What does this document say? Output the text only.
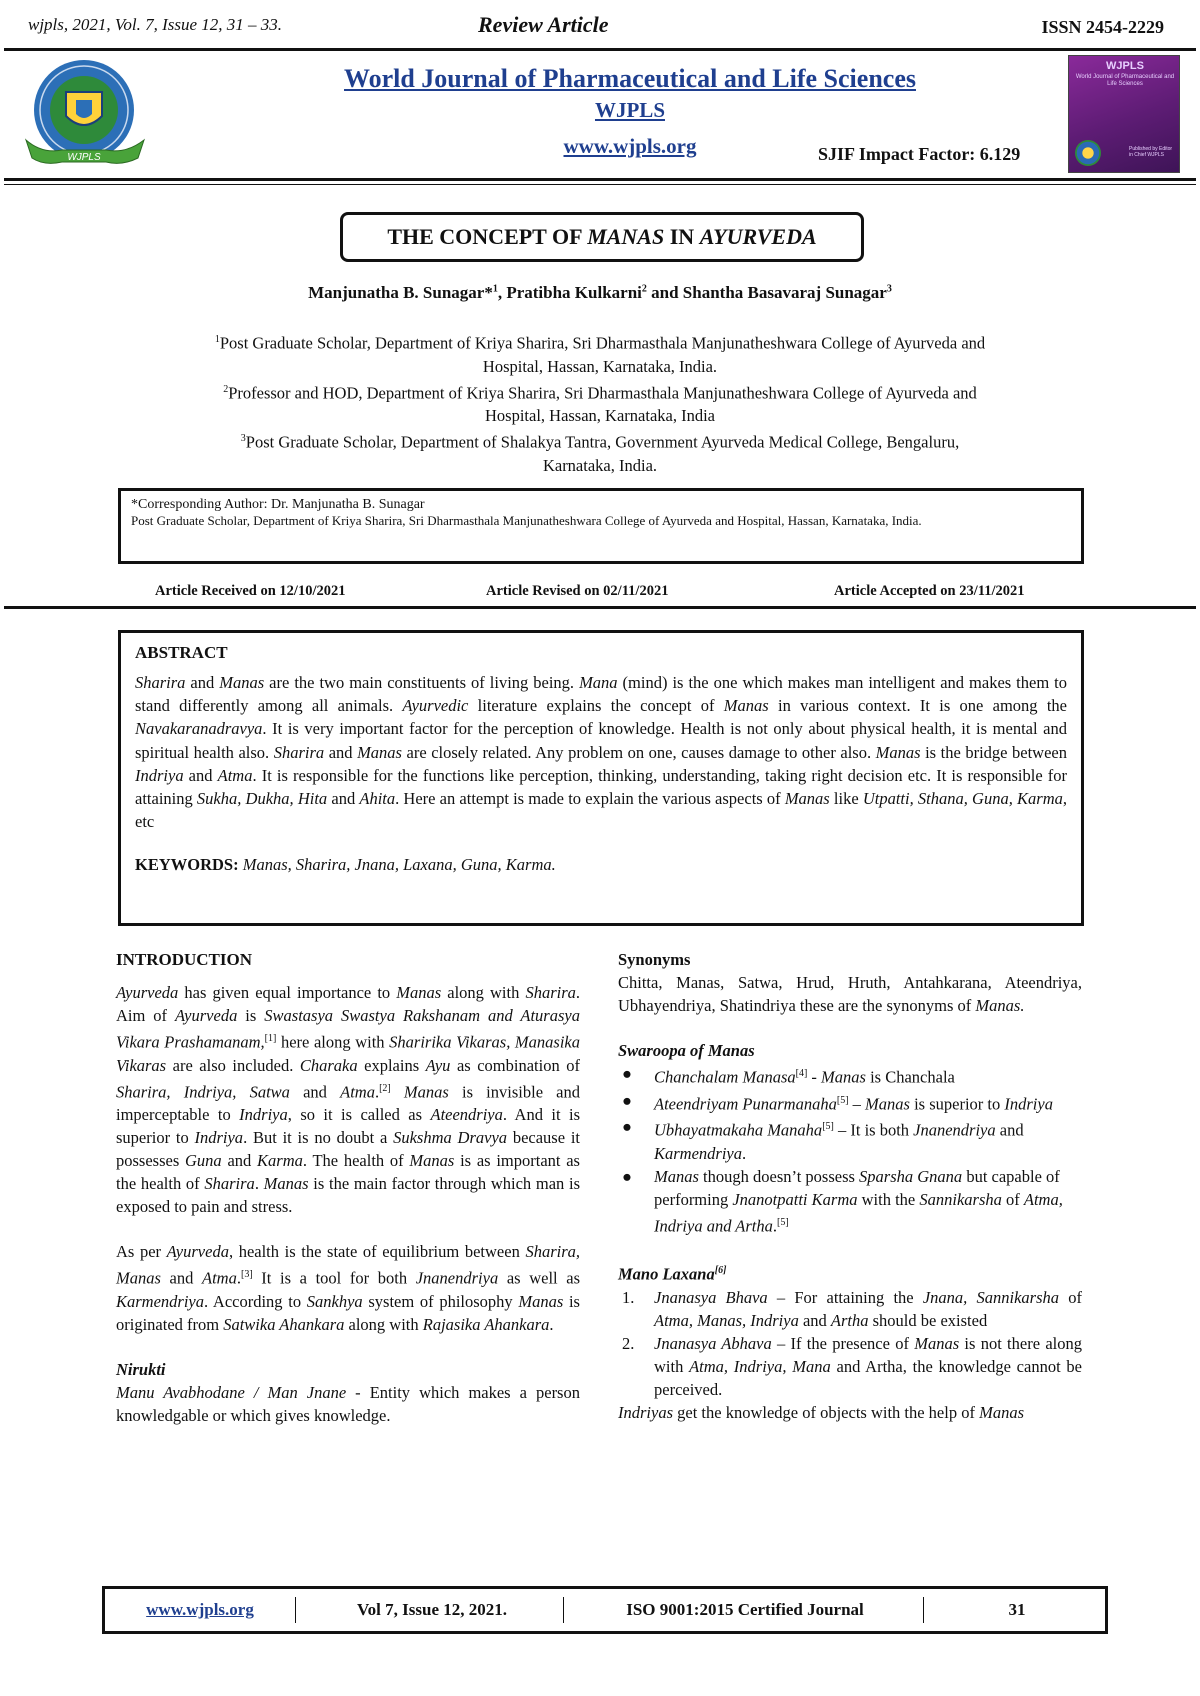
wjpls, 2021, Vol. 7, Issue 12, 31 – 33.	Review Article	ISSN 2454-2229
WJPLS
World Journal of Pharmaceutical and Life Sciences
WJPLS
www.wjpls.org	SJIF Impact Factor: 6.129
WJPLS
World Journal of Pharmaceutical and Life Sciences
Published by Editor in Chief WJPLS
THE CONCEPT OF MANAS IN AYURVEDA
Manjunatha B. Sunagar*$^1$, Pratibha Kulkarni$^2$ and Shantha Basavaraj Sunagar$^3$
$^1$Post Graduate Scholar, Department of Kriya Sharira, Sri Dharmasthala Manjunatheshwara College of Ayurveda and
Hospital, Hassan, Karnataka, India.
$^2$Professor and HOD, Department of Kriya Sharira, Sri Dharmasthala Manjunatheshwara College of Ayurveda and
Hospital, Hassan, Karnataka, India
$^3$Post Graduate Scholar, Department of Shalakya Tantra, Government Ayurveda Medical College, Bengaluru,
Karnataka, India.
*Corresponding Author: Dr. Manjunatha B. Sunagar
Post Graduate Scholar, Department of Kriya Sharira, Sri Dharmasthala Manjunatheshwara College of Ayurveda and Hospital, Hassan, Karnataka, India.
Article Received on 12/10/2021	Article Revised on 02/11/2021	Article Accepted on 23/11/2021
ABSTRACT
Sharira and Manas are the two main constituents of living being. Mana (mind) is the one which makes man intelligent and makes them to stand differently among all animals. Ayurvedic literature explains the concept of Manas in various context. It is one among the Navakaranadravya. It is very important factor for the perception of knowledge. Health is not only about physical health, it is mental and spiritual health also. Sharira and Manas are closely related. Any problem on one, causes damage to other also. Manas is the bridge between Indriya and Atma. It is responsible for the functions like perception, thinking, understanding, taking right decision etc. It is responsible for attaining Sukha, Dukha, Hita and Ahita. Here an attempt is made to explain the various aspects of Manas like Utpatti, Sthana, Guna, Karma, etc
KEYWORDS: Manas, Sharira, Jnana, Laxana, Guna, Karma.
INTRODUCTION
Ayurveda has given equal importance to Manas along with Sharira. Aim of Ayurveda is Swastasya Swastya Rakshanam and Aturasya Vikara Prashamanam,[1] here along with Sharirika Vikaras, Manasika Vikaras are also included. Charaka explains Ayu as combination of Sharira, Indriya, Satwa and Atma.[2] Manas is invisible and imperceptable to Indriya, so it is called as Ateendriya. And it is superior to Indriya. But it is no doubt a Sukshma Dravya because it possesses Guna and Karma. The health of Manas is as important as the health of Sharira. Manas is the main factor through which man is exposed to pain and stress.
As per Ayurveda, health is the state of equilibrium between Sharira, Manas and Atma.[3] It is a tool for both Jnanendriya as well as Karmendriya. According to Sankhya system of philosophy Manas is originated from Satwika Ahankara along with Rajasika Ahankara.
Nirukti
Manu Avabhodane / Man Jnane - Entity which makes a person knowledgable or which gives knowledge.
Synonyms
Chitta, Manas, Satwa, Hrud, Hruth, Antahkarana, Ateendriya, Ubhayendriya, Shatindriya these are the synonyms of Manas.
Swaroopa of Manas
● Chanchalam Manasa[4] - Manas is Chanchala
● Ateendriyam Punarmanaha[5] – Manas is superior to Indriya
● Ubhayatmakaha Manaha[5] – It is both Jnanendriya and Karmendriya.
● Manas though doesn’t possess Sparsha Gnana but capable of performing Jnanotpatti Karma with the Sannikarsha of Atma, Indriya and Artha.[5]
Mano Laxana[6]
1. Jnanasya Bhava – For attaining the Jnana, Sannikarsha of Atma, Manas, Indriya and Artha should be existed
2. Jnanasya Abhava – If the presence of Manas is not there along with Atma, Indriya, Mana and Artha, the knowledge cannot be perceived.
Indriyas get the knowledge of objects with the help of Manas
www.wjpls.org	Vol 7, Issue 12, 2021.	ISO 9001:2015 Certified Journal	31
